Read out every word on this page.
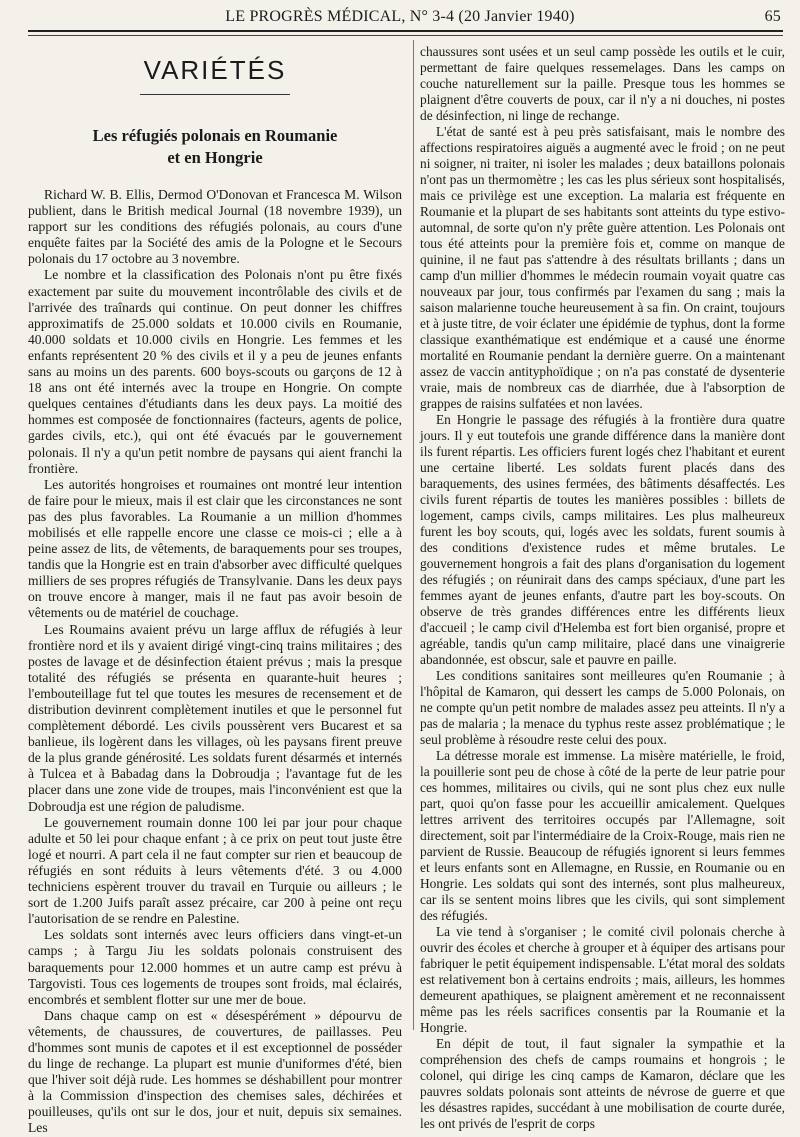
LE PROGRÈS MÉDICAL, N° 3-4 (20 Janvier 1940)	65
VARIÉTÉS
Les réfugiés polonais en Roumanie
et en Hongrie

Richard W. B. Ellis, Dermod O'Donovan et Francesca M. Wilson publient, dans le British medical Journal (18 novembre 1939), un rapport sur les conditions des réfugiés polonais, au cours d'une enquête faites par la Société des amis de la Pologne et le Secours polonais du 17 octobre au 3 novembre.

Le nombre et la classification des Polonais n'ont pu être fixés exactement par suite du mouvement incontrôlable des civils et de l'arrivée des traînards qui continue. On peut donner les chiffres approximatifs de 25.000 soldats et 10.000 civils en Roumanie, 40.000 soldats et 10.000 civils en Hongrie. Les femmes et les enfants représentent 20 % des civils et il y a peu de jeunes enfants sans au moins un des parents. 600 boys-scouts ou garçons de 12 à 18 ans ont été internés avec la troupe en Hongrie. On compte quelques centaines d'étudiants dans les deux pays. La moitié des hommes est composée de fonctionnaires (facteurs, agents de police, gardes civils, etc.), qui ont été évacués par le gouvernement polonais. Il n'y a qu'un petit nombre de paysans qui aient franchi la frontière.

Les autorités hongroises et roumaines ont montré leur intention de faire pour le mieux, mais il est clair que les circonstances ne sont pas des plus favorables. La Roumanie a un million d'hommes mobilisés et elle rappelle encore une classe ce mois-ci ; elle a à peine assez de lits, de vêtements, de baraquements pour ses troupes, tandis que la Hongrie est en train d'absorber avec difficulté quelques milliers de ses propres réfugiés de Transylvanie. Dans les deux pays on trouve encore à manger, mais il ne faut pas avoir besoin de vêtements ou de matériel de couchage.

Les Roumains avaient prévu un large afflux de réfugiés à leur frontière nord et ils y avaient dirigé vingt-cinq trains militaires ; des postes de lavage et de désinfection étaient prévus ; mais la presque totalité des réfugiés se présenta en quarante-huit heures ; l'embouteillage fut tel que toutes les mesures de recensement et de distribution devinrent complètement inutiles et que le personnel fut complètement débordé. Les civils poussèrent vers Bucarest et sa banlieue, ils logèrent dans les villages, où les paysans firent preuve de la plus grande générosité. Les soldats furent désarmés et internés à Tulcea et à Babadag dans la Dobroudja ; l'avantage fut de les placer dans une zone vide de troupes, mais l'inconvénient est que la Dobroudja est une région de paludisme.

Le gouvernement roumain donne 100 lei par jour pour chaque adulte et 50 lei pour chaque enfant ; à ce prix on peut tout juste être logé et nourri. A part cela il ne faut compter sur rien et beaucoup de réfugiés en sont réduits à leurs vêtements d'été. 3 ou 4.000 techniciens espèrent trouver du travail en Turquie ou ailleurs ; le sort de 1.200 Juifs paraît assez précaire, car 200 à peine ont reçu l'autorisation de se rendre en Palestine.

Les soldats sont internés avec leurs officiers dans vingt-et-un camps ; à Targu Jiu les soldats polonais construisent des baraquements pour 12.000 hommes et un autre camp est prévu à Targovisti. Tous ces logements de troupes sont froids, mal éclairés, encombrés et semblent flotter sur une mer de boue.

Dans chaque camp on est « désespérément » dépourvu de vêtements, de chaussures, de couvertures, de paillasses. Peu d'hommes sont munis de capotes et il est exceptionnel de posséder du linge de rechange. La plupart est munie d'uniformes d'été, bien que l'hiver soit déjà rude. Les hommes se déshabillent pour montrer à la Commission d'inspection des chemises sales, déchirées et pouilleuses, qu'ils ont sur le dos, jour et nuit, depuis six semaines. Les

chaussures sont usées et un seul camp possède les outils et le cuir, permettant de faire quelques ressemelages. Dans les camps on couche naturellement sur la paille. Presque tous les hommes se plaignent d'être couverts de poux, car il n'y a ni douches, ni postes de désinfection, ni linge de rechange.

L'état de santé est à peu près satisfaisant, mais le nombre des affections respiratoires aiguës a augmenté avec le froid ; on ne peut ni soigner, ni traiter, ni isoler les malades ; deux bataillons polonais n'ont pas un thermomètre ; les cas les plus sérieux sont hospitalisés, mais ce privilège est une exception. La malaria est fréquente en Roumanie et la plupart de ses habitants sont atteints du type estivo-automnal, de sorte qu'on n'y prête guère attention. Les Polonais ont tous été atteints pour la première fois et, comme on manque de quinine, il ne faut pas s'attendre à des résultats brillants ; dans un camp d'un millier d'hommes le médecin roumain voyait quatre cas nouveaux par jour, tous confirmés par l'examen du sang ; mais la saison malarienne touche heureusement à sa fin. On craint, toujours et à juste titre, de voir éclater une épidémie de typhus, dont la forme classique exanthématique est endémique et a causé une énorme mortalité en Roumanie pendant la dernière guerre. On a maintenant assez de vaccin antityphoïdique ; on n'a pas constaté de dysenterie vraie, mais de nombreux cas de diarrhée, due à l'absorption de grappes de raisins sulfatées et non lavées.

En Hongrie le passage des réfugiés à la frontière dura quatre jours. Il y eut toutefois une grande différence dans la manière dont ils furent répartis. Les officiers furent logés chez l'habitant et eurent une certaine liberté. Les soldats furent placés dans des baraquements, des usines fermées, des bâtiments désaffectés. Les civils furent répartis de toutes les manières possibles : billets de logement, camps civils, camps militaires. Les plus malheureux furent les boy scouts, qui, logés avec les soldats, furent soumis à des conditions d'existence rudes et même brutales. Le gouvernement hongrois a fait des plans d'organisation du logement des réfugiés ; on réunirait dans des camps spéciaux, d'une part les femmes ayant de jeunes enfants, d'autre part les boy-scouts. On observe de très grandes différences entre les différents lieux d'accueil ; le camp civil d'Helemba est fort bien organisé, propre et agréable, tandis qu'un camp militaire, placé dans une vinaigrerie abandonnée, est obscur, sale et pauvre en paille.

Les conditions sanitaires sont meilleures qu'en Roumanie ; à l'hôpital de Kamaron, qui dessert les camps de 5.000 Polonais, on ne compte qu'un petit nombre de malades assez peu atteints. Il n'y a pas de malaria ; la menace du typhus reste assez problématique ; le seul problème à résoudre reste celui des poux.

La détresse morale est immense. La misère matérielle, le froid, la pouillerie sont peu de chose à côté de la perte de leur patrie pour ces hommes, militaires ou civils, qui ne sont plus chez eux nulle part, quoi qu'on fasse pour les accueillir amicalement. Quelques lettres arrivent des territoires occupés par l'Allemagne, soit directement, soit par l'intermédiaire de la Croix-Rouge, mais rien ne parvient de Russie. Beaucoup de réfugiés ignorent si leurs femmes et leurs enfants sont en Allemagne, en Russie, en Roumanie ou en Hongrie. Les soldats qui sont des internés, sont plus malheureux, car ils se sentent moins libres que les civils, qui sont simplement des réfugiés.

La vie tend à s'organiser ; le comité civil polonais cherche à ouvrir des écoles et cherche à grouper et à équiper des artisans pour fabriquer le petit équipement indispensable. L'état moral des soldats est relativement bon à certains endroits ; mais, ailleurs, les hommes demeurent apathiques, se plaignent amèrement et ne reconnaissent même pas les réels sacrifices consentis par la Roumanie et la Hongrie.

En dépit de tout, il faut signaler la sympathie et la compréhension des chefs de camps roumains et hongrois ; le colonel, qui dirige les cinq camps de Kamaron, déclare que les pauvres soldats polonais sont atteints de névrose de guerre et que les désastres rapides, succédant à une mobilisation de courte durée, les ont privés de l'esprit de corps
